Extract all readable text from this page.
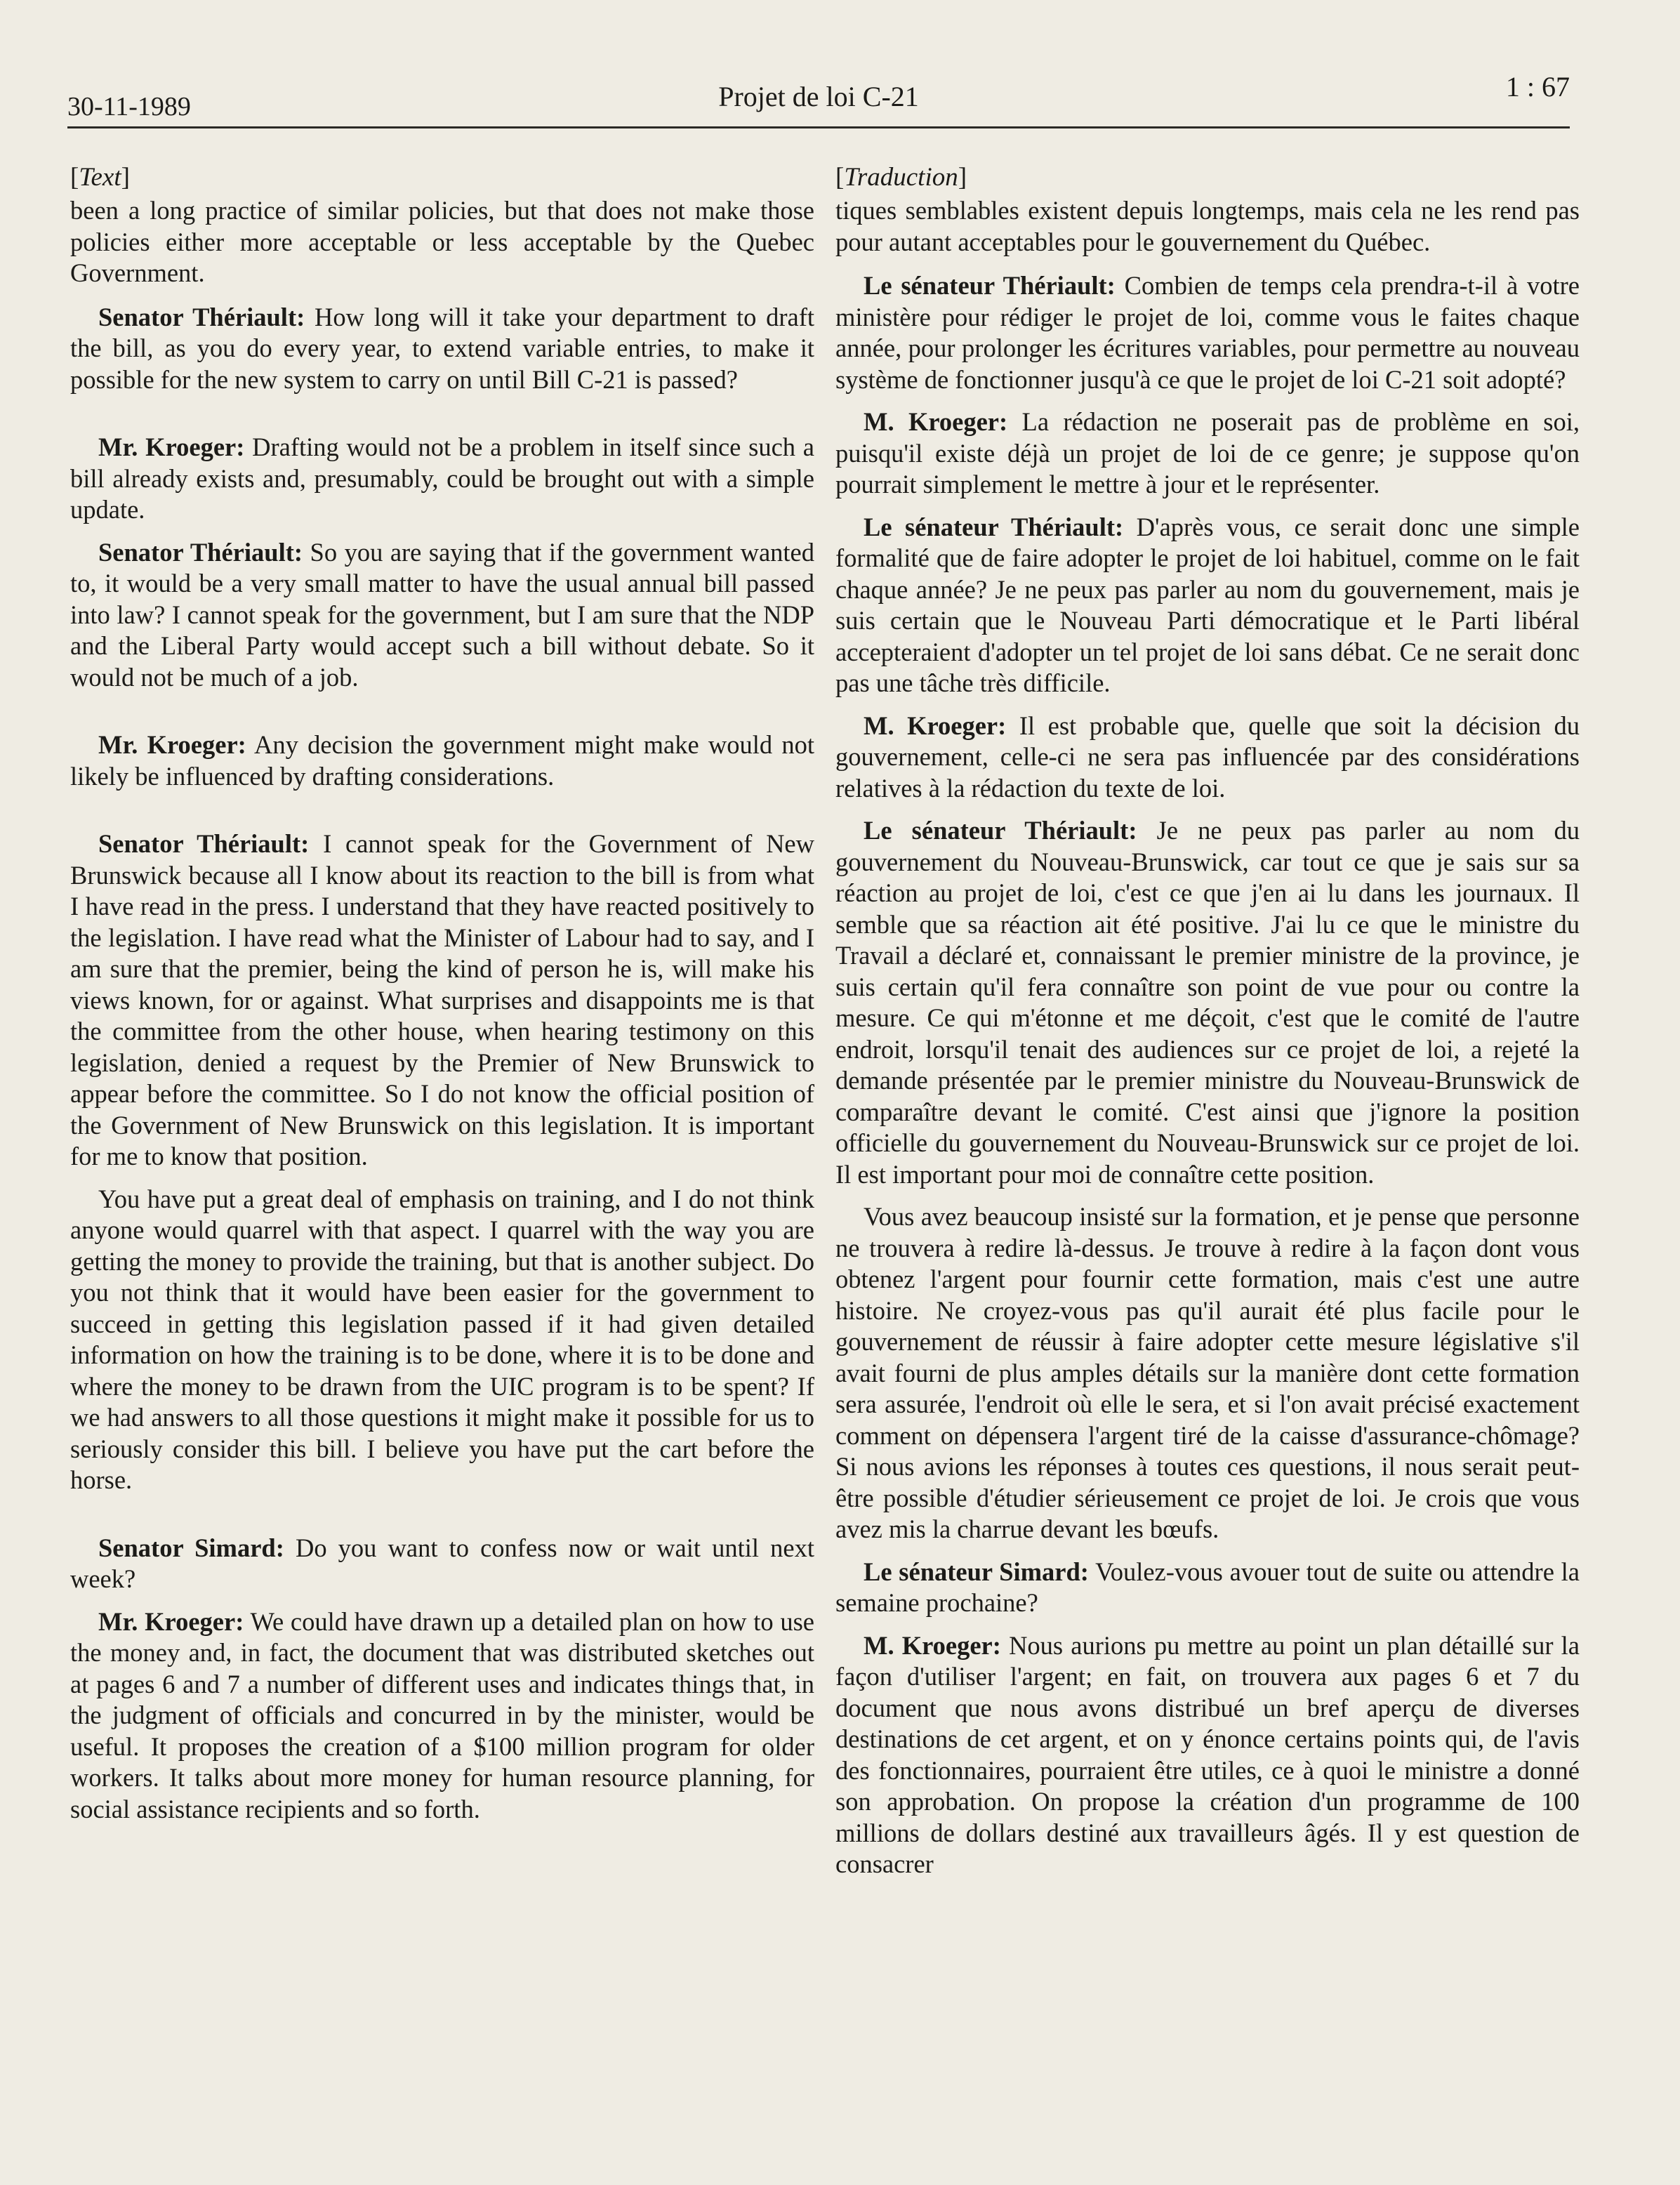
30-11-1989	Projet de loi C-21	1 : 67
[Text]

been a long practice of similar policies, but that does not make those policies either more acceptable or less acceptable by the Quebec Government.

Senator Thériault: How long will it take your department to draft the bill, as you do every year, to extend variable entries, to make it possible for the new system to carry on until Bill C-21 is passed?

Mr. Kroeger: Drafting would not be a problem in itself since such a bill already exists and, presumably, could be brought out with a simple update.

Senator Thériault: So you are saying that if the government wanted to, it would be a very small matter to have the usual annual bill passed into law? I cannot speak for the government, but I am sure that the NDP and the Liberal Party would accept such a bill without debate. So it would not be much of a job.

Mr. Kroeger: Any decision the government might make would not likely be influenced by drafting considerations.

Senator Thériault: I cannot speak for the Government of New Brunswick because all I know about its reaction to the bill is from what I have read in the press. I understand that they have reacted positively to the legislation. I have read what the Minister of Labour had to say, and I am sure that the premier, being the kind of person he is, will make his views known, for or against. What surprises and disappoints me is that the committee from the other house, when hearing testimony on this legislation, denied a request by the Premier of New Brunswick to appear before the committee. So I do not know the official position of the Government of New Brunswick on this legislation. It is important for me to know that position.

You have put a great deal of emphasis on training, and I do not think anyone would quarrel with that aspect. I quarrel with the way you are getting the money to provide the training, but that is another subject. Do you not think that it would have been easier for the government to succeed in getting this legislation passed if it had given detailed information on how the training is to be done, where it is to be done and where the money to be drawn from the UIC program is to be spent? If we had answers to all those questions it might make it possible for us to seriously consider this bill. I believe you have put the cart before the horse.

Senator Simard: Do you want to confess now or wait until next week?

Mr. Kroeger: We could have drawn up a detailed plan on how to use the money and, in fact, the document that was distributed sketches out at pages 6 and 7 a number of different uses and indicates things that, in the judgment of officials and concurred in by the minister, would be useful. It proposes the creation of a $100 million program for older workers. It talks about more money for human resource planning, for social assistance recipients and so forth.

[Traduction]

tiques semblables existent depuis longtemps, mais cela ne les rend pas pour autant acceptables pour le gouvernement du Québec.

Le sénateur Thériault: Combien de temps cela prendra-t-il à votre ministère pour rédiger le projet de loi, comme vous le faites chaque année, pour prolonger les écritures variables, pour permettre au nouveau système de fonctionner jusqu'à ce que le projet de loi C-21 soit adopté?

M. Kroeger: La rédaction ne poserait pas de problème en soi, puisqu'il existe déjà un projet de loi de ce genre; je suppose qu'on pourrait simplement le mettre à jour et le représenter.

Le sénateur Thériault: D'après vous, ce serait donc une simple formalité que de faire adopter le projet de loi habituel, comme on le fait chaque année? Je ne peux pas parler au nom du gouvernement, mais je suis certain que le Nouveau Parti démocratique et le Parti libéral accepteraient d'adopter un tel projet de loi sans débat. Ce ne serait donc pas une tâche très difficile.

M. Kroeger: Il est probable que, quelle que soit la décision du gouvernement, celle-ci ne sera pas influencée par des considérations relatives à la rédaction du texte de loi.

Le sénateur Thériault: Je ne peux pas parler au nom du gouvernement du Nouveau-Brunswick, car tout ce que je sais sur sa réaction au projet de loi, c'est ce que j'en ai lu dans les journaux. Il semble que sa réaction ait été positive. J'ai lu ce que le ministre du Travail a déclaré et, connaissant le premier ministre de la province, je suis certain qu'il fera connaître son point de vue pour ou contre la mesure. Ce qui m'étonne et me déçoit, c'est que le comité de l'autre endroit, lorsqu'il tenait des audiences sur ce projet de loi, a rejeté la demande présentée par le premier ministre du Nouveau-Brunswick de comparaître devant le comité. C'est ainsi que j'ignore la position officielle du gouvernement du Nouveau-Brunswick sur ce projet de loi. Il est important pour moi de connaître cette position.

Vous avez beaucoup insisté sur la formation, et je pense que personne ne trouvera à redire là-dessus. Je trouve à redire à la façon dont vous obtenez l'argent pour fournir cette formation, mais c'est une autre histoire. Ne croyez-vous pas qu'il aurait été plus facile pour le gouvernement de réussir à faire adopter cette mesure législative s'il avait fourni de plus amples détails sur la manière dont cette formation sera assurée, l'endroit où elle le sera, et si l'on avait précisé exactement comment on dépensera l'argent tiré de la caisse d'assurance-chômage? Si nous avions les réponses à toutes ces questions, il nous serait peut-être possible d'étudier sérieusement ce projet de loi. Je crois que vous avez mis la charrue devant les bœufs.

Le sénateur Simard: Voulez-vous avouer tout de suite ou attendre la semaine prochaine?

M. Kroeger: Nous aurions pu mettre au point un plan détaillé sur la façon d'utiliser l'argent; en fait, on trouvera aux pages 6 et 7 du document que nous avons distribué un bref aperçu de diverses destinations de cet argent, et on y énonce certains points qui, de l'avis des fonctionnaires, pourraient être utiles, ce à quoi le ministre a donné son approbation. On propose la création d'un programme de 100 millions de dollars destiné aux travailleurs âgés. Il y est question de consacrer
